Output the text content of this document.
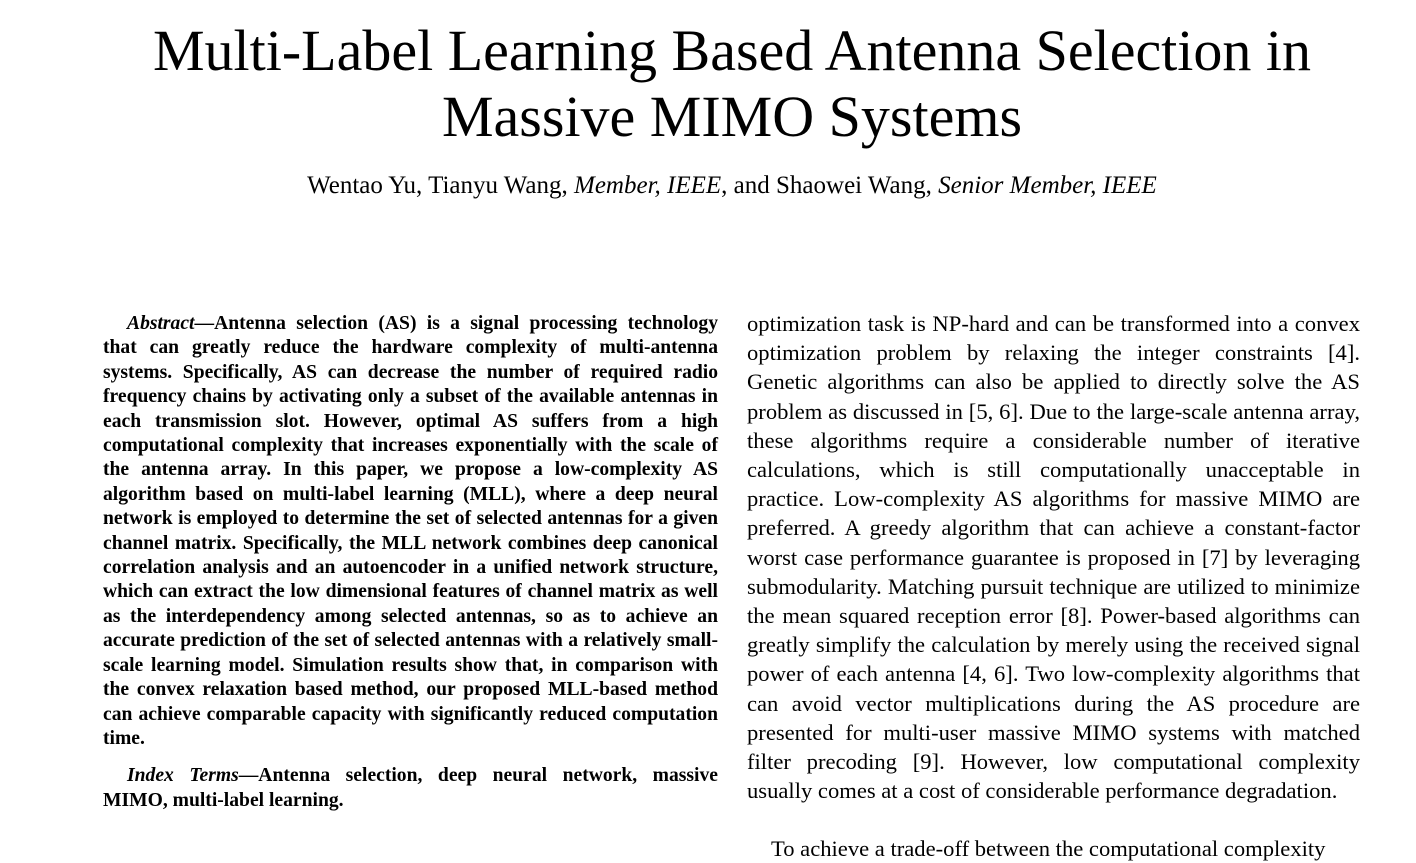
Multi-Label Learning Based Antenna Selection in Massive MIMO Systems
Wentao Yu, Tianyu Wang, Member, IEEE, and Shaowei Wang, Senior Member, IEEE

Abstract—Antenna selection (AS) is a signal processing technology that can greatly reduce the hardware complexity of multi-antenna systems. Specifically, AS can decrease the number of required radio frequency chains by activating only a subset of the available antennas in each transmission slot. However, optimal AS suffers from a high computational complexity that increases exponentially with the scale of the antenna array. In this paper, we propose a low-complexity AS algorithm based on multi-label learning (MLL), where a deep neural network is employed to determine the set of selected antennas for a given channel matrix. Specifically, the MLL network combines deep canonical correlation analysis and an autoencoder in a unified network structure, which can extract the low dimensional features of channel matrix as well as the interdependency among selected antennas, so as to achieve an accurate prediction of the set of selected antennas with a relatively small-scale learning model. Simulation results show that, in comparison with the convex relaxation based method, our proposed MLL-based method can achieve comparable capacity with significantly reduced computation time.

Index Terms—Antenna selection, deep neural network, massive MIMO, multi-label learning.

optimization task is NP-hard and can be transformed into a convex optimization problem by relaxing the integer constraints [4]. Genetic algorithms can also be applied to directly solve the AS problem as discussed in [5, 6]. Due to the large-scale antenna array, these algorithms require a considerable number of iterative calculations, which is still computationally unacceptable in practice. Low-complexity AS algorithms for massive MIMO are preferred. A greedy algorithm that can achieve a constant-factor worst case performance guarantee is proposed in [7] by leveraging submodularity. Matching pursuit technique are utilized to minimize the mean squared reception error [8]. Power-based algorithms can greatly simplify the calculation by merely using the received signal power of each antenna [4, 6]. Two low-complexity algorithms that can avoid vector multiplications during the AS procedure are presented for multi-user massive MIMO systems with matched filter precoding [9]. However, low computational complexity usually comes at a cost of considerable performance degradation.

To achieve a trade-off between the computational complexity
